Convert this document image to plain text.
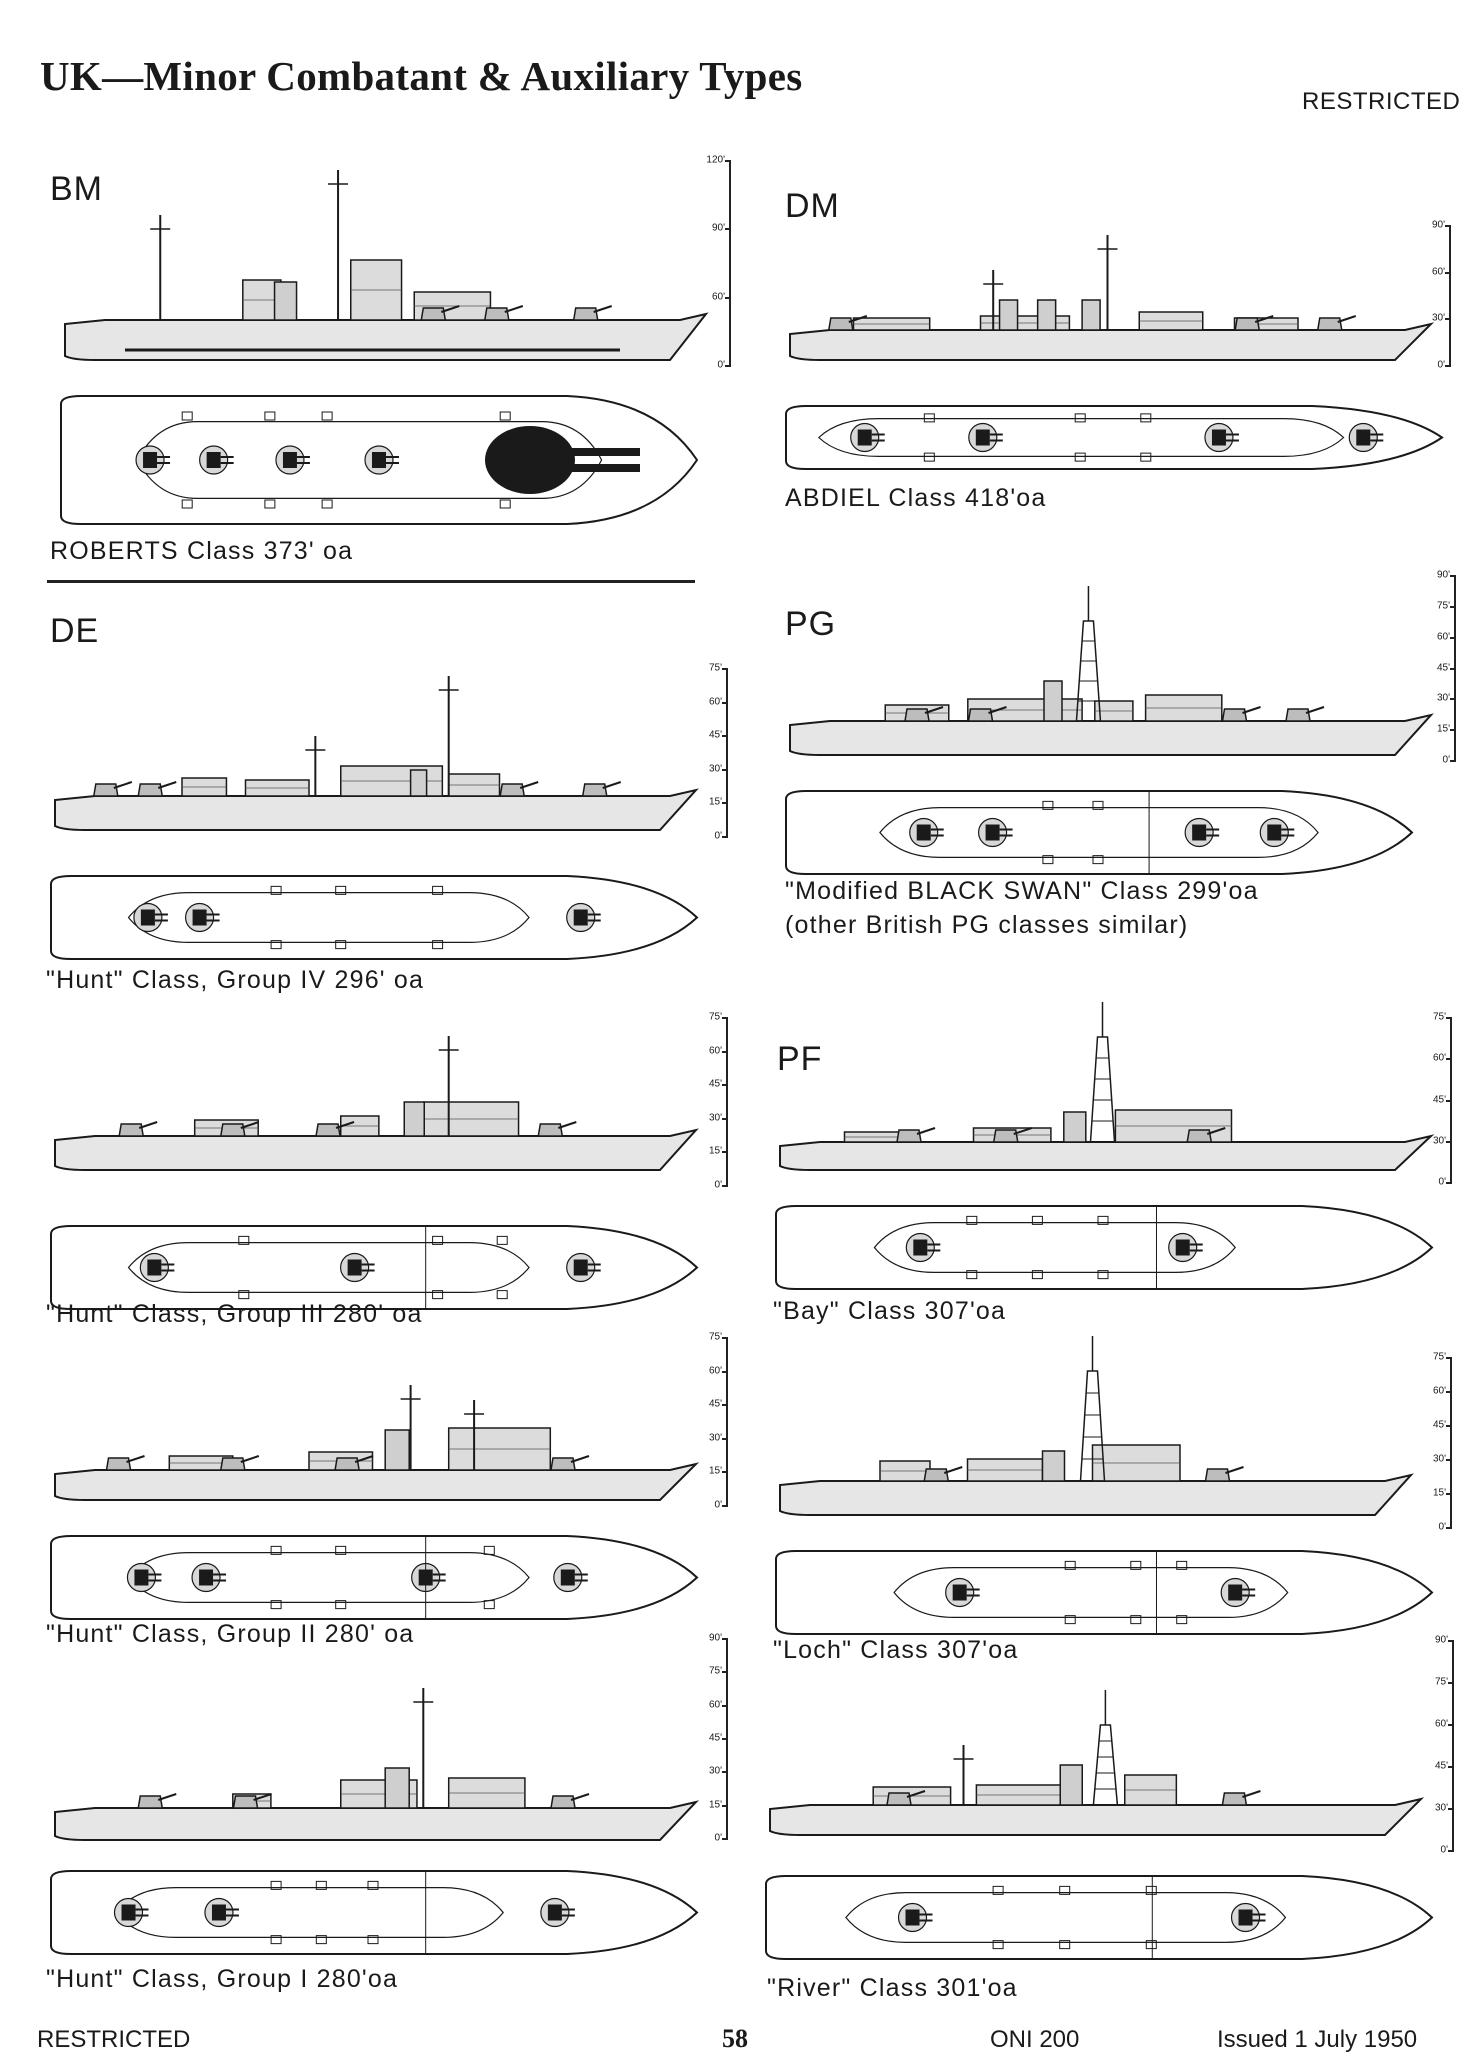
UK—Minor Combatant & Auxiliary Types
RESTRICTED
BM
120'
90'
60'
0'
ROBERTS Class 373' oa
DE
75'
60'
45'
30'
15'
0'
"Hunt" Class, Group IV 296' oa
75'
60'
45'
30'
15'
0'
"Hunt" Class, Group III 280' oa
75'
60'
45'
30'
15'
0'
"Hunt" Class, Group II 280' oa	90'
75'
60'
45'
30'
15'
0'
"Hunt" Class, Group I 280'oa
DM	90'
60'
30'
0'
ABDIEL Class 418'oa
PG
90'
75'
60'
45'
30'
15'
0'
"Modified BLACK SWAN" Class 299'oa
(other British PG classes similar)
PF
75'
60'
45'
30'
0'
"Bay" Class 307'oa
75'
60'
45'
30'
15'
0'
"Loch" Class 307'oa	90'
75'
60'
45'
30'
0'
"River" Class 301'oa
RESTRICTED	58	ONI 200	Issued 1 July 1950
